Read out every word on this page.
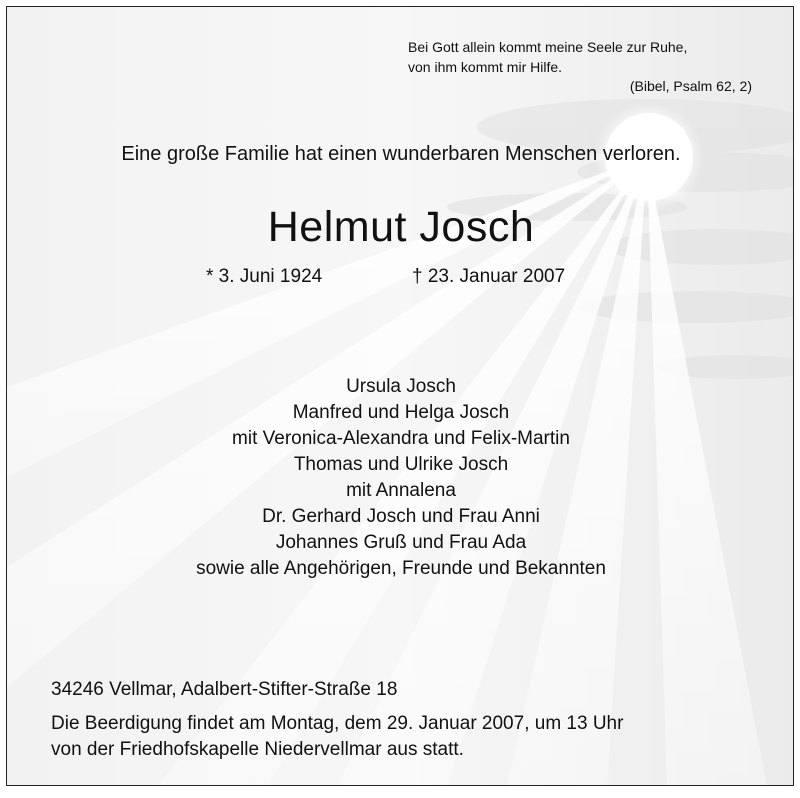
Bei Gott allein kommt meine Seele zur Ruhe,
von ihm kommt mir Hilfe.
(Bibel, Psalm 62, 2)
Eine große Familie hat einen wunderbaren Menschen verloren.
Helmut Josch
* 3. Juni 1924	† 23. Januar 2007
Ursula Josch
Manfred und Helga Josch
mit Veronica-Alexandra und Felix-Martin
Thomas und Ulrike Josch
mit Annalena
Dr. Gerhard Josch und Frau Anni
Johannes Gruß und Frau Ada
sowie alle Angehörigen, Freunde und Bekannten
34246 Vellmar, Adalbert-Stifter-Straße 18
Die Beerdigung findet am Montag, dem 29. Januar 2007, um 13 Uhr
von der Friedhofskapelle Niedervellmar aus statt.
